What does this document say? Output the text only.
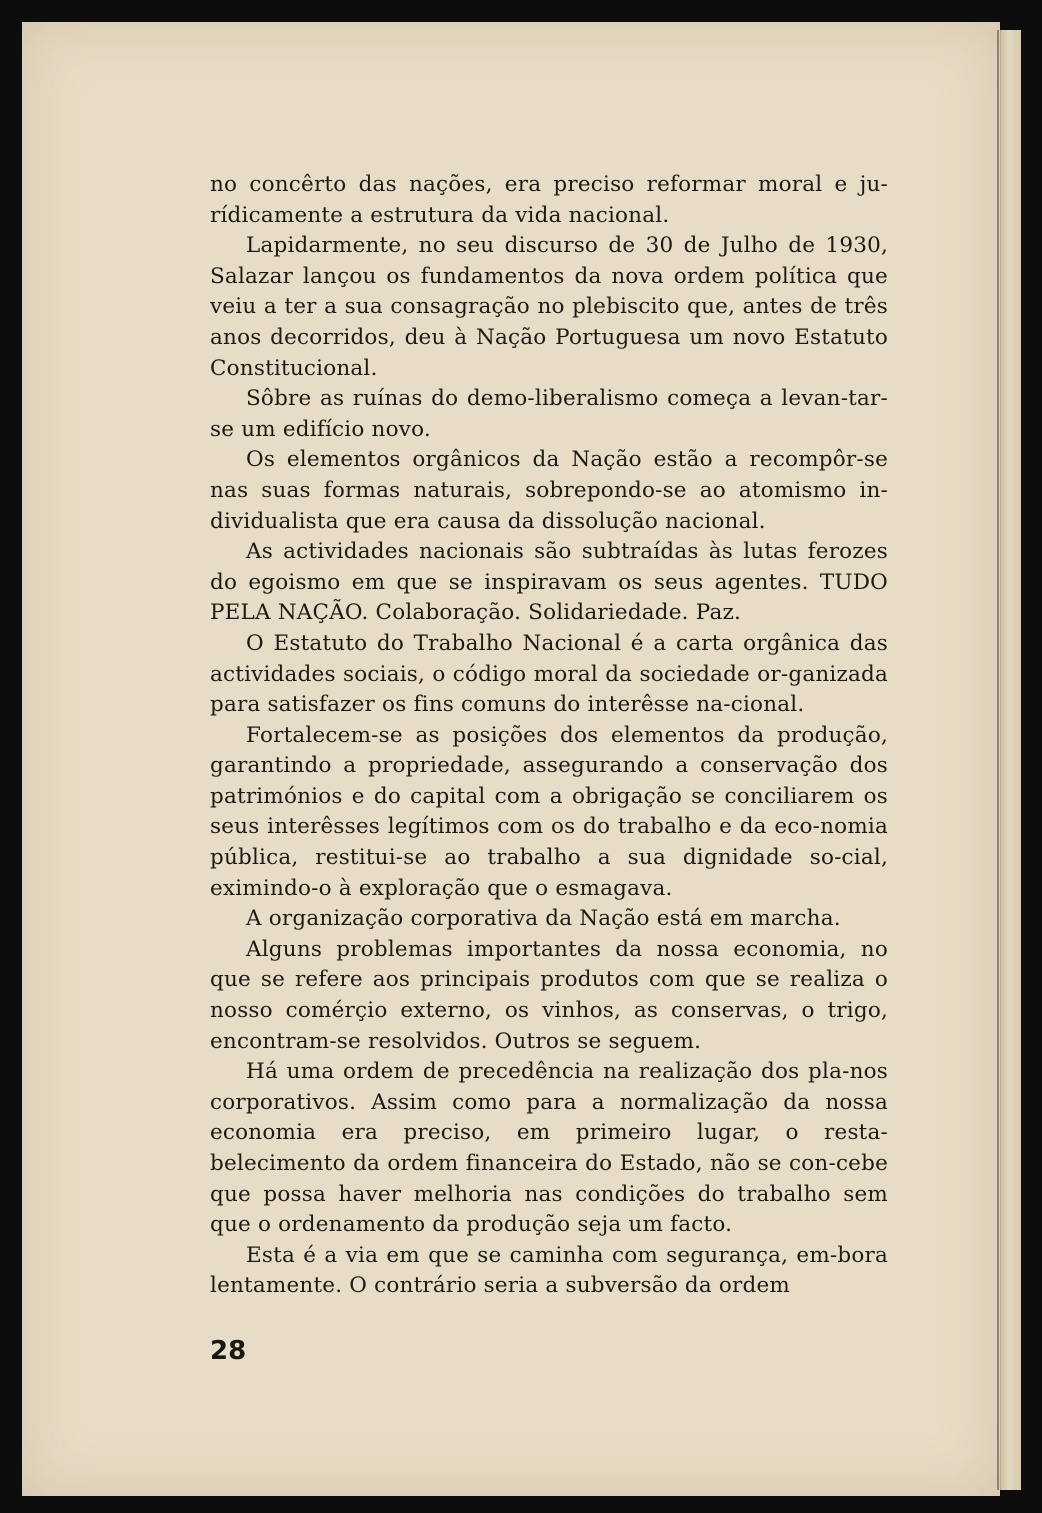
no concêrto das nações, era preciso reformar moral e ju-rídicamente a estrutura da vida nacional.

Lapidarmente, no seu discurso de 30 de Julho de 1930, Salazar lançou os fundamentos da nova ordem política que veiu a ter a sua consagração no plebiscito que, antes de três anos decorridos, deu à Nação Portuguesa um novo Estatuto Constitucional.

Sôbre as ruínas do demo-liberalismo começa a levan-tar-se um edifício novo.

Os elementos orgânicos da Nação estão a recompôr-se nas suas formas naturais, sobrepondo-se ao atomismo in-dividualista que era causa da dissolução nacional.

As actividades nacionais são subtraídas às lutas ferozes do egoismo em que se inspiravam os seus agentes. TUDO PELA NAÇÃO. Colaboração. Solidariedade. Paz.

O Estatuto do Trabalho Nacional é a carta orgânica das actividades sociais, o código moral da sociedade or-ganizada para satisfazer os fins comuns do interêsse na-cional.

Fortalecem-se as posições dos elementos da produção, garantindo a propriedade, assegurando a conservação dos patrimónios e do capital com a obrigação se conciliarem os seus interêsses legítimos com os do trabalho e da eco-nomia pública, restitui-se ao trabalho a sua dignidade so-cial, eximindo-o à exploração que o esmagava.

A organização corporativa da Nação está em marcha.

Alguns problemas importantes da nossa economia, no que se refere aos principais produtos com que se realiza o nosso comérçio externo, os vinhos, as conservas, o trigo, encontram-se resolvidos. Outros se seguem.

Há uma ordem de precedência na realização dos pla-nos corporativos. Assim como para a normalização da nossa economia era preciso, em primeiro lugar, o resta-belecimento da ordem financeira do Estado, não se con-cebe que possa haver melhoria nas condições do trabalho sem que o ordenamento da produção seja um facto.

Esta é a via em que se caminha com segurança, em-bora lentamente. O contrário seria a subversão da ordem

28
